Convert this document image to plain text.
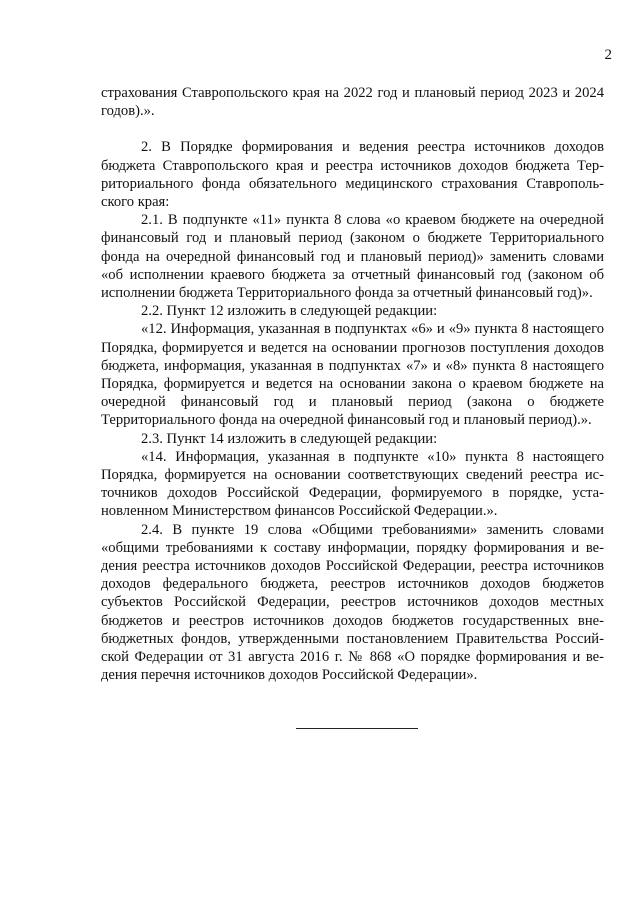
2

страхования Ставропольского края на 2022 год и плановый период 2023 и 2024 годов).».

2. В Порядке формирования и ведения реестра источников доходов бюджета Ставропольского края и реестра источников доходов бюджета Территориального фонда обязательного медицинского страхования Ставропольского края:

2.1. В подпункте «11» пункта 8 слова «о краевом бюджете на очередной финансовый год и плановый период (законом о бюджете Территориального фонда на очередной финансовый год и плановый период)» заменить словами «об исполнении краевого бюджета за отчетный финансовый год (законом об исполнении бюджета Территориального фонда за отчетный финансовый год)».

2.2. Пункт 12 изложить в следующей редакции:

«12. Информация, указанная в подпунктах «6» и «9» пункта 8 настоящего Порядка, формируется и ведется на основании прогнозов поступления доходов бюджета, информация, указанная в подпунктах «7» и «8» пункта 8 настоящего Порядка, формируется и ведется на основании закона о краевом бюджете на очередной финансовый год и плановый период (закона о бюджете Территориального фонда на очередной финансовый год и плановый период).».

2.3. Пункт 14 изложить в следующей редакции:

«14. Информация, указанная в подпункте «10» пункта 8 настоящего Порядка, формируется на основании соответствующих сведений реестра источников доходов Российской Федерации, формируемого в порядке, установленном Министерством финансов Российской Федерации.».

2.4. В пункте 19 слова «Общими требованиями» заменить словами «общими требованиями к составу информации, порядку формирования и ведения реестра источников доходов Российской Федерации, реестра источников доходов федерального бюджета, реестров источников доходов бюджетов субъектов Российской Федерации, реестров источников доходов местных бюджетов и реестров источников доходов бюджетов государственных внебюджетных фондов, утвержденными постановлением Правительства Российской Федерации от 31 августа 2016 г. № 868 «О порядке формирования и ведения перечня источников доходов Российской Федерации».
